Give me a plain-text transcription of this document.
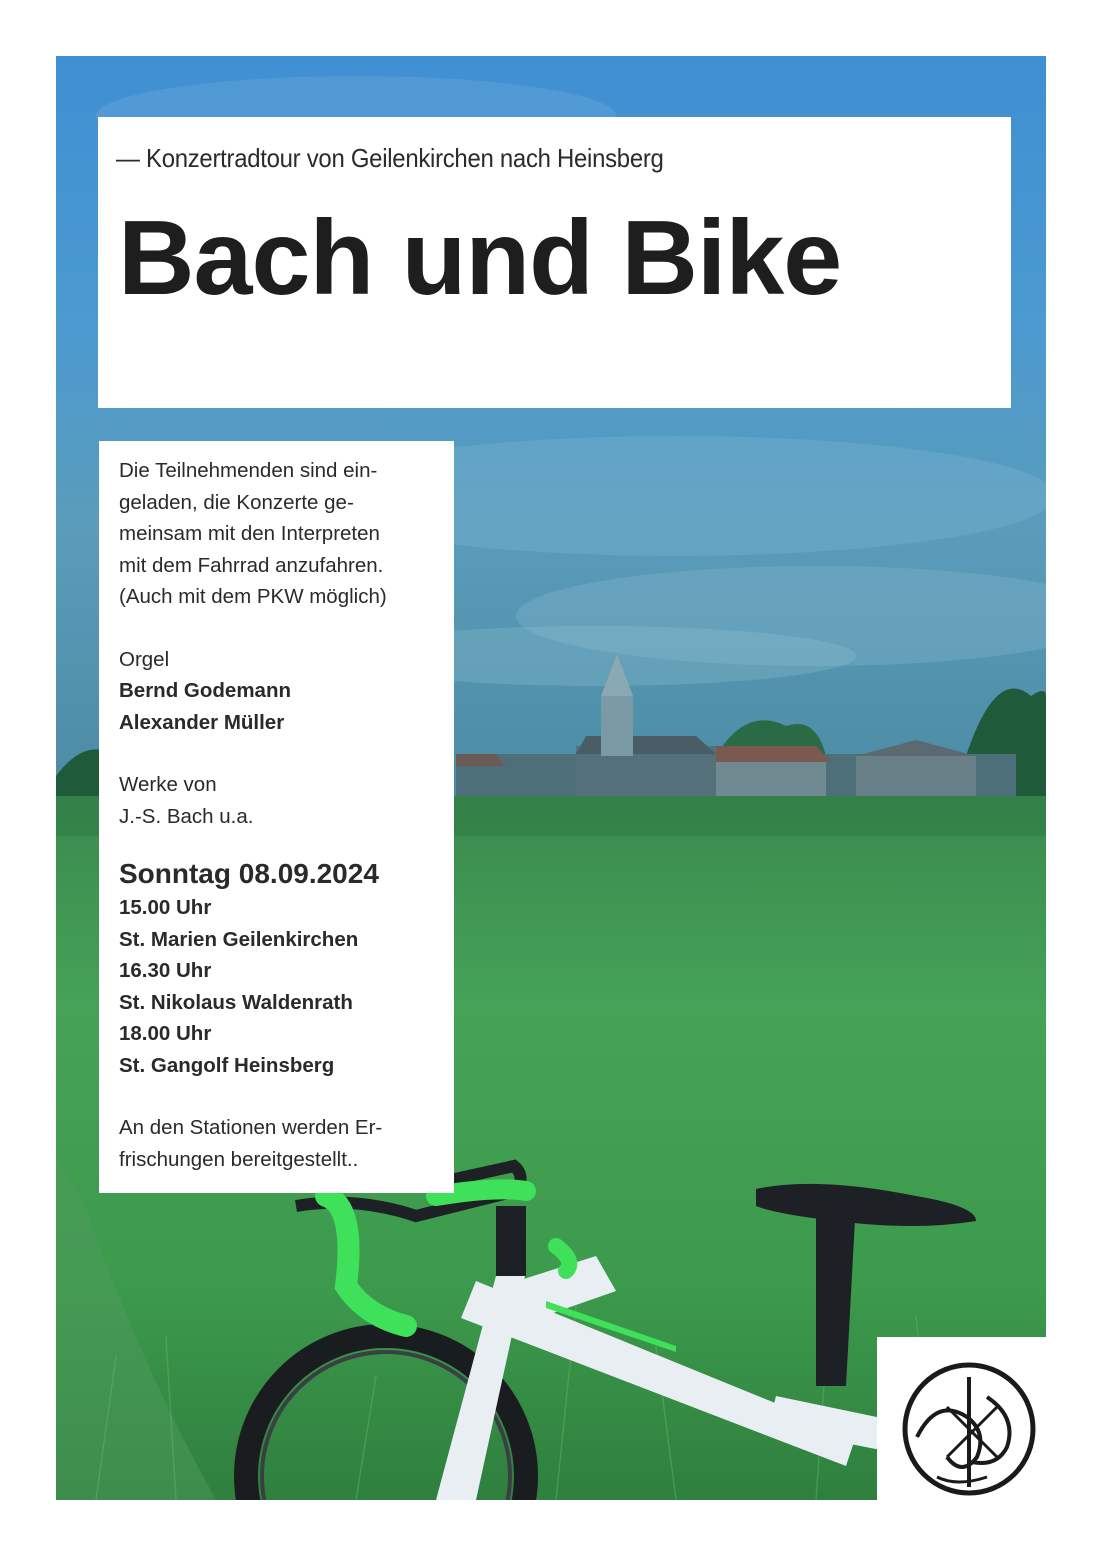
— Konzertradtour von Geilenkirchen nach Heinsberg
Bach und Bike

Die Teilnehmenden sind ein-

geladen, die Konzerte ge-

meinsam mit den Interpreten

mit dem Fahrrad anzufahren.

(Auch mit dem PKW möglich)

Orgel

Bernd Godemann

Alexander Müller

Werke von

J.-S. Bach u.a.

Sonntag 08.09.2024

15.00 Uhr

St. Marien Geilenkirchen

16.30 Uhr

St. Nikolaus Waldenrath

18.00 Uhr

St. Gangolf Heinsberg

An den Stationen werden Er-

frischungen bereitgestellt..
